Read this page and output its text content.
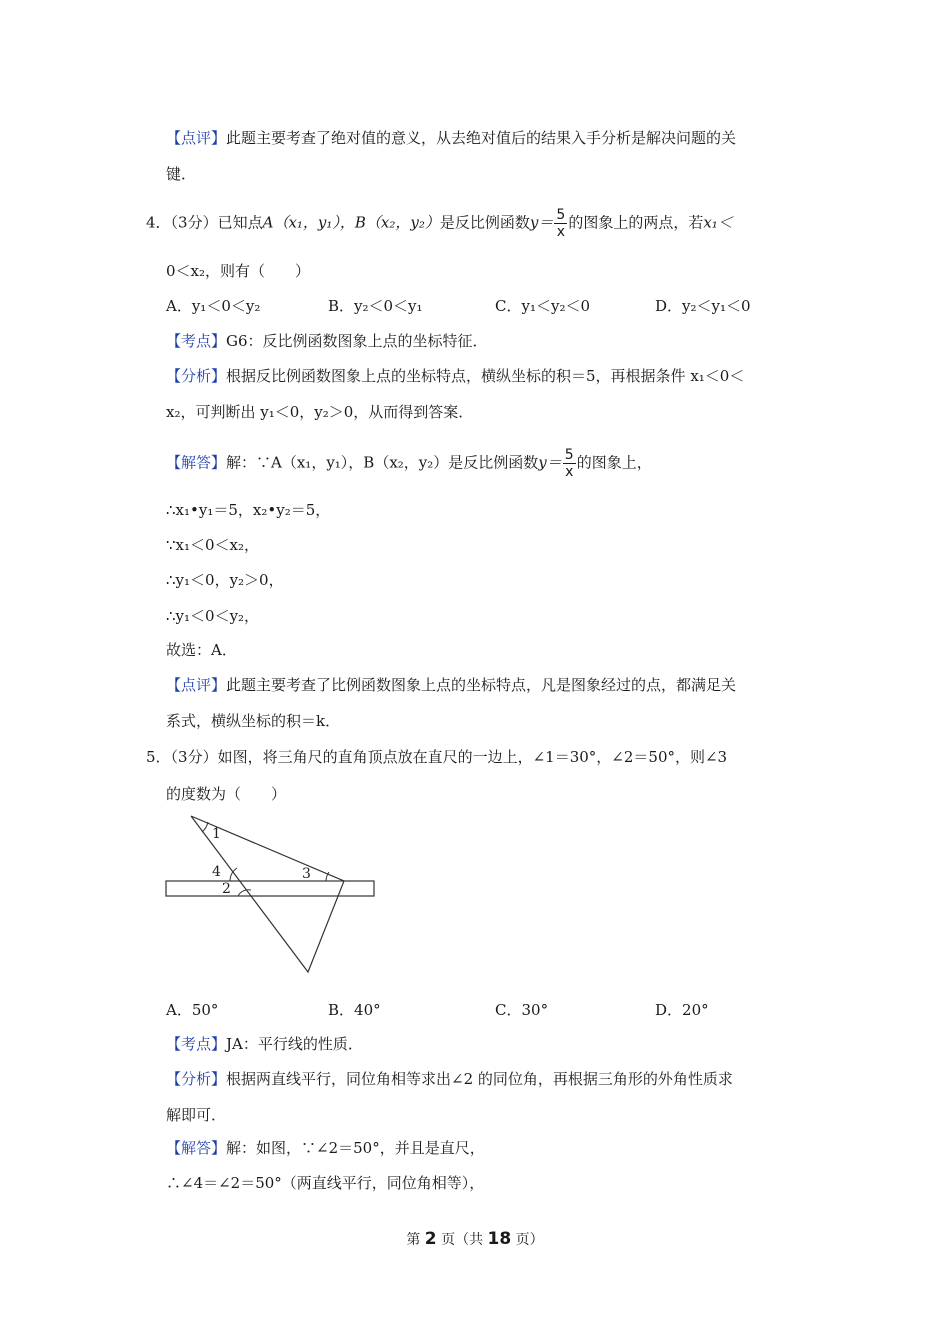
【点评】此题主要考查了绝对值的意义，从去绝对值后的结果入手分析是解决问题的关
键．
4．（3分）已知点A（x₁，y₁），B（x₂，y₂）是反比例函数$y= \frac{5}{x}$ 的图象上的两点，若x₁＜
0＜x₂，则有（　　）
A．y₁＜0＜y₂	B．y₂＜0＜y₁	C．y₁＜y₂＜0	D．y₂＜y₁＜0
【考点】G6：反比例函数图象上点的坐标特征．
【分析】根据反比例函数图象上点的坐标特点，横纵坐标的积＝5，再根据条件 x₁＜0＜
x₂，可判断出 y₁＜0，y₂＞0，从而得到答案．
【解答】解：∵A（x₁，y₁），B（x₂，y₂）是反比例函数$y= \frac{5}{x}$ 的图象上，
∴x₁•y₁＝5，x₂•y₂＝5，
∵x₁＜0＜x₂，
∴y₁＜0，y₂＞0，
∴y₁＜0＜y₂，
故选：A．
【点评】此题主要考查了比例函数图象上点的坐标特点，凡是图象经过的点，都满足关
系式，横纵坐标的积＝k．
5．（3分）如图，将三角尺的直角顶点放在直尺的一边上，∠1＝30°，∠2＝50°，则∠3
的度数为（　　）
1
4
2
3
A．50°	B．40°	C．30°	D．20°
【考点】JA：平行线的性质．
【分析】根据两直线平行，同位角相等求出∠2 的同位角，再根据三角形的外角性质求
解即可．
【解答】解：如图，∵∠2＝50°，并且是直尺，
∴∠4＝∠2＝50°（两直线平行，同位角相等），
第 2 页（共 18 页）
